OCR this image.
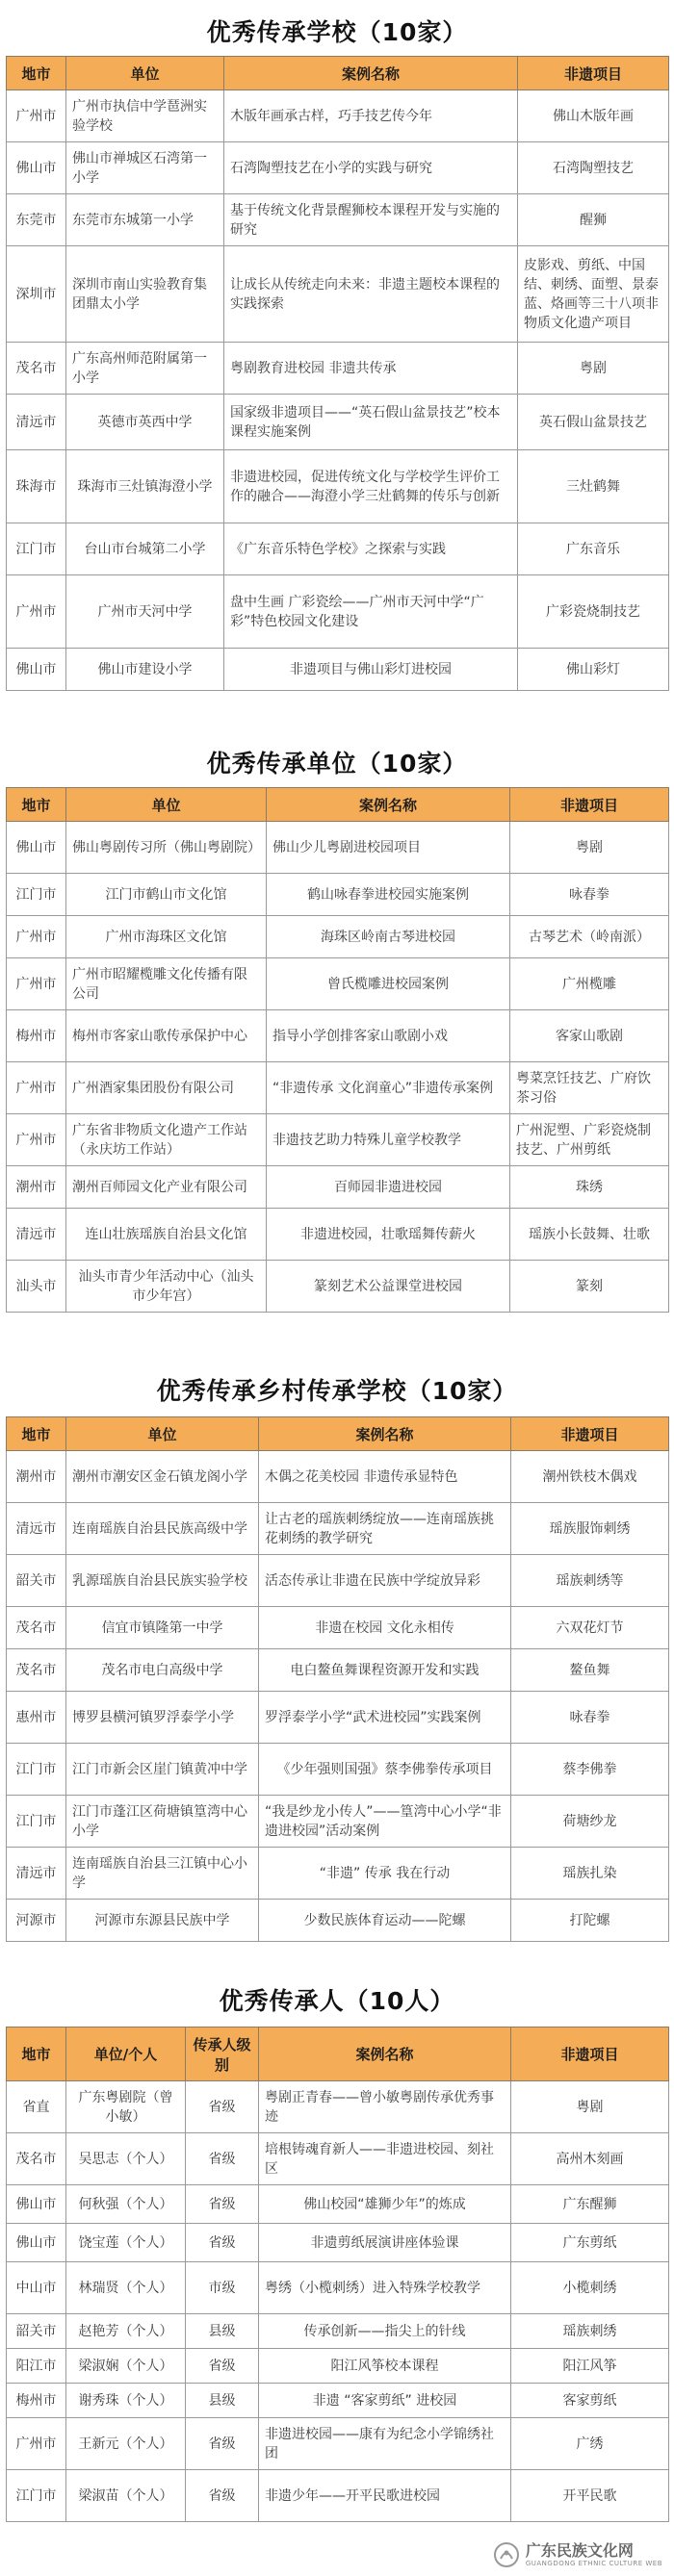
优秀传承学校（10家）
地市	单位	案例名称	非遗项目
广州市	广州市执信中学琶洲实验学校	木版年画承古样，巧手技艺传今年	佛山木版年画
佛山市	佛山市禅城区石湾第一小学	石湾陶塑技艺在小学的实践与研究	石湾陶塑技艺
东莞市	东莞市东城第一小学	基于传统文化背景醒狮校本课程开发与实施的研究	醒狮
深圳市	深圳市南山实验教育集团鼎太小学	让成长从传统走向未来：非遗主题校本课程的实践探索	皮影戏、剪纸、中国结、刺绣、面塑、景泰蓝、烙画等三十八项非物质文化遗产项目
茂名市	广东高州师范附属第一小学	粤剧教育进校园 非遗共传承	粤剧
清远市	英德市英西中学	国家级非遗项目——“英石假山盆景技艺”校本课程实施案例	英石假山盆景技艺
珠海市	珠海市三灶镇海澄小学	非遗进校园，促进传统文化与学校学生评价工作的融合——海澄小学三灶鹤舞的传乐与创新	三灶鹤舞
江门市	台山市台城第二小学	《广东音乐特色学校》之探索与实践	广东音乐
广州市	广州市天河中学	盘中生画 广彩瓷绘——广州市天河中学“广彩”特色校园文化建设	广彩瓷烧制技艺
佛山市	佛山市建设小学	非遗项目与佛山彩灯进校园	佛山彩灯
优秀传承单位（10家）
地市	单位	案例名称	非遗项目
佛山市	佛山粤剧传习所（佛山粤剧院）	佛山少儿粤剧进校园项目	粤剧
江门市	江门市鹤山市文化馆	鹤山咏春拳进校园实施案例	咏春拳
广州市	广州市海珠区文化馆	海珠区岭南古琴进校园	古琴艺术（岭南派）
广州市	广州市昭耀榄雕文化传播有限公司	曾氏榄雕进校园案例	广州榄雕
梅州市	梅州市客家山歌传承保护中心	指导小学创排客家山歌剧小戏	客家山歌剧
广州市	广州酒家集团股份有限公司	“非遗传承 文化润童心”非遗传承案例	粤菜烹饪技艺、广府饮茶习俗
广州市	广东省非物质文化遗产工作站（永庆坊工作站）	非遗技艺助力特殊儿童学校教学	广州泥塑、广彩瓷烧制技艺、广州剪纸
潮州市	潮州百师园文化产业有限公司	百师园非遗进校园	珠绣
清远市	连山壮族瑶族自治县文化馆	非遗进校园，壮歌瑶舞传薪火	瑶族小长鼓舞、壮歌
汕头市	汕头市青少年活动中心（汕头市少年宫）	篆刻艺术公益课堂进校园	篆刻
优秀传承乡村传承学校（10家）
地市	单位	案例名称	非遗项目
潮州市	潮州市潮安区金石镇龙阁小学	木偶之花美校园 非遗传承显特色	潮州铁枝木偶戏
清远市	连南瑶族自治县民族高级中学	让古老的瑶族刺绣绽放——连南瑶族挑花刺绣的教学研究	瑶族服饰刺绣
韶关市	乳源瑶族自治县民族实验学校	活态传承让非遗在民族中学绽放异彩	瑶族刺绣等
茂名市	信宜市镇隆第一中学	非遗在校园 文化永相传	六双花灯节
茂名市	茂名市电白高级中学	电白鳌鱼舞课程资源开发和实践	鳌鱼舞
惠州市	博罗县横河镇罗浮泰学小学	罗浮泰学小学“武术进校园”实践案例	咏春拳
江门市	江门市新会区崖门镇黄冲中学	《少年强则国强》蔡李佛拳传承项目	蔡李佛拳
江门市	江门市蓬江区荷塘镇篁湾中心小学	“我是纱龙小传人”——篁湾中心小学“非遗进校园”活动案例	荷塘纱龙
清远市	连南瑶族自治县三江镇中心小学	“非遗” 传承 我在行动	瑶族扎染
河源市	河源市东源县民族中学	少数民族体育运动——陀螺	打陀螺
优秀传承人（10人）
地市	单位/个人	传承人级别	案例名称	非遗项目
省直	广东粤剧院（曾小敏）	省级	粤剧正青春——曾小敏粤剧传承优秀事迹	粤剧
茂名市	吴思志（个人）	省级	培根铸魂育新人——非遗进校园、刻社区	高州木刻画
佛山市	何秋强（个人）	省级	佛山校园“雄狮少年”的炼成	广东醒狮
佛山市	饶宝莲（个人）	省级	非遗剪纸展演讲座体验课	广东剪纸
中山市	林瑞贤（个人）	市级	粤绣（小榄刺绣）进入特殊学校教学	小榄刺绣
韶关市	赵艳芳（个人）	县级	传承创新——指尖上的针线	瑶族刺绣
阳江市	梁淑娴（个人）	省级	阳江风筝校本课程	阳江风筝
梅州市	谢秀珠（个人）	县级	非遗 “客家剪纸” 进校园	客家剪纸
广州市	王新元（个人）	省级	非遗进校园——康有为纪念小学锦绣社团	广绣
江门市	梁淑苗（个人）	省级	非遗少年——开平民歌进校园	开平民歌
广东民族文化网
GUANGDONG ETHNIC CULTURE WEB
